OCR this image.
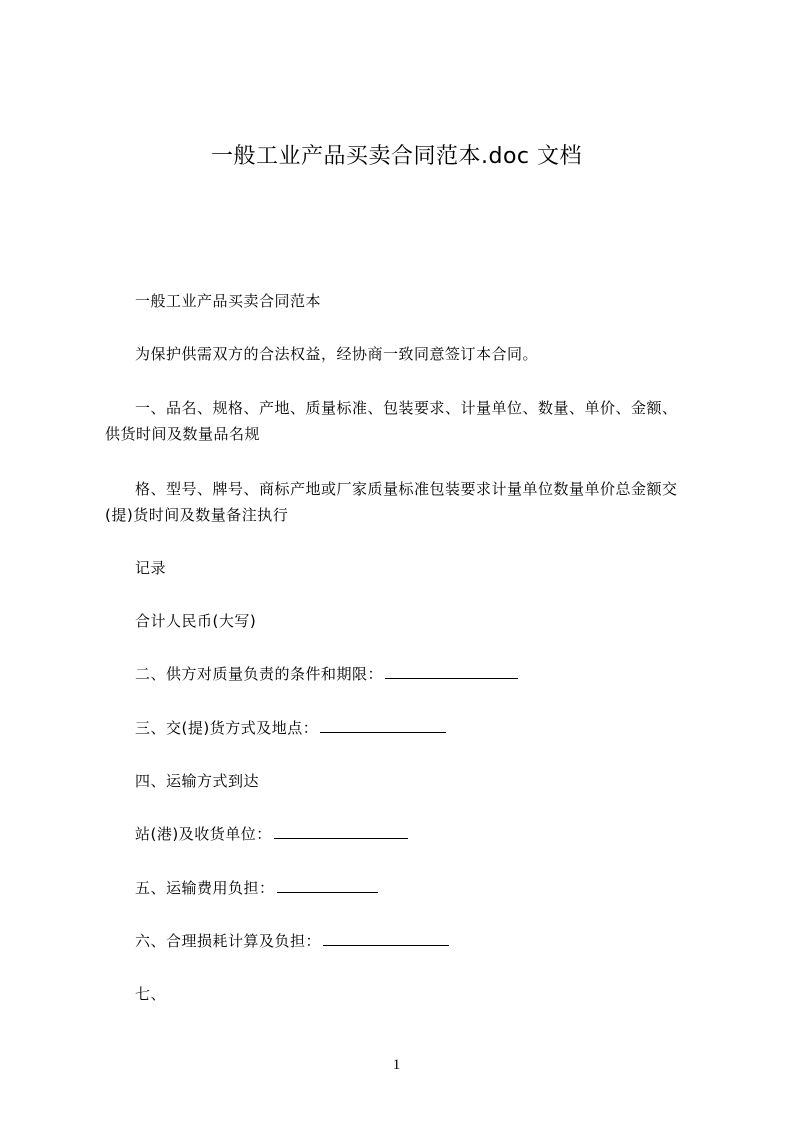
一般工业产品买卖合同范本.doc 文档
一般工业产品买卖合同范本
为保护供需双方的合法权益，经协商一致同意签订本合同。
一、品名、规格、产地、质量标准、包装要求、计量单位、数量、单价、金额、
供货时间及数量品名规
格、型号、牌号、商标产地或厂家质量标准包装要求计量单位数量单价总金额交
(提)货时间及数量备注执行
记录
合计人民币(大写)
二、供方对质量负责的条件和期限：
三、交(提)货方式及地点：
四、运输方式到达
站(港)及收货单位：
五、运输费用负担：
六、合理损耗计算及负担：
七、
1
